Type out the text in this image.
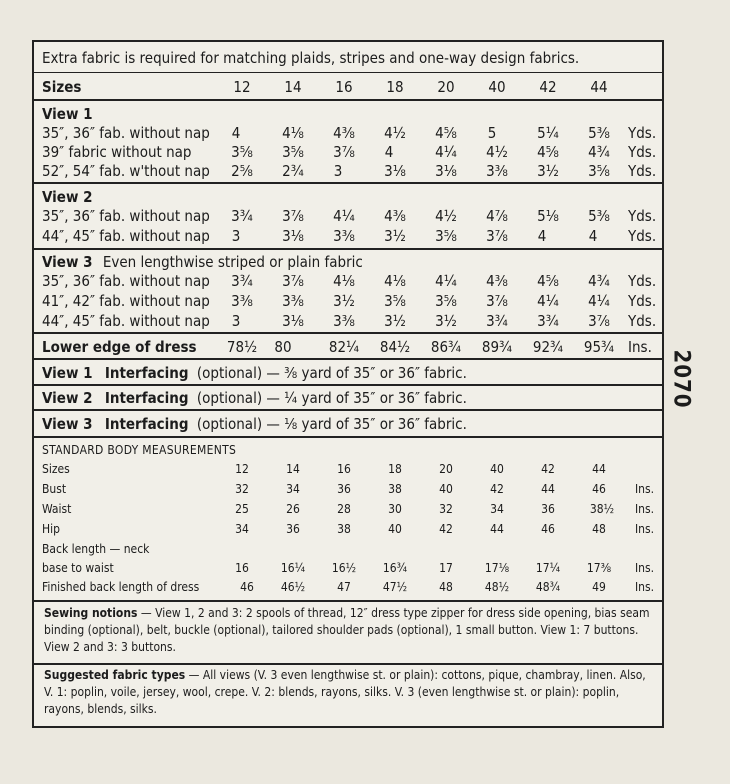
Extra fabric is required for matching plaids, stripes and one-way design fabrics.
Sizes	12 14 16 18 20 40 42 44
View 1
35″, 36″ fab. without nap 4	4⅛ 4⅜ 4½ 4⅝ 5	5¼ 5⅜ Yds.
39″ fabric without nap	3⅝ 3⅝ 3⅞ 4	4¼ 4½ 4⅝ 4¾ Yds.
52″, 54″ fab. w'thout nap 2⅝ 2¾ 3	3⅛ 3⅛ 3⅜ 3½ 3⅝ Yds.
View 2
35″, 36″ fab. without nap 3¾ 3⅞ 4¼ 4⅜ 4½ 4⅞ 5⅛ 5⅜ Yds.
44″, 45″ fab. without nap 3	3⅛ 3⅜ 3½ 3⅝ 3⅞ 4	4 Yds.
View 3 Even lengthwise striped or plain fabric
35″, 36″ fab. without nap 3¾ 3⅞ 4⅛ 4⅛ 4¼ 4⅜ 4⅝ 4¾ Yds.
41″, 42″ fab. without nap 3⅜ 3⅜ 3½ 3⅝ 3⅝ 3⅞ 4¼ 4¼ Yds.
44″, 45″ fab. without nap 3	3⅛ 3⅜ 3½ 3½ 3¾ 3¾ 3⅞ Yds.
Lower edge of dress 78½ 80 82¼ 84½ 86¾ 89¾ 92¾ 95¾ Ins.
View 1 Interfacing (optional) — ⅜ yard of 35″ or 36″ fabric.
View 2 Interfacing (optional) — ¼ yard of 35″ or 36″ fabric.
View 3 Interfacing (optional) — ⅛ yard of 35″ or 36″ fabric.
STANDARD BODY MEASUREMENTS
Sizes	12	14	16	18	20	40	42	44
Bust	32	34	36	38	40	42	44	46 Ins.
Waist	25	26	28	30	32	34	36	38½ Ins.
Hip	34	36	38	40	42	44	46	48 Ins.
Back length — neck
base to waist	16	16¼ 16½ 16¾	17	17⅛ 17¼ 17⅜ Ins.
Finished back length of dress	46 46½	47	47½	48	48½ 48¾	49 Ins.
Sewing notions — View 1, 2 and 3: 2 spools of thread, 12″ dress type zipper for dress side opening, bias seam binding (optional), belt, buckle (optional), tailored shoulder pads (optional), 1 small button. View 1: 7 buttons. View 2 and 3: 3 buttons.
Suggested fabric types — All views (V. 3 even lengthwise st. or plain): cottons, pique, chambray, linen. Also, V. 1: poplin, voile, jersey, wool, crepe. V. 2: blends, rayons, silks. V. 3 (even lengthwise st. or plain): poplin, rayons, blends, silks.
2070
